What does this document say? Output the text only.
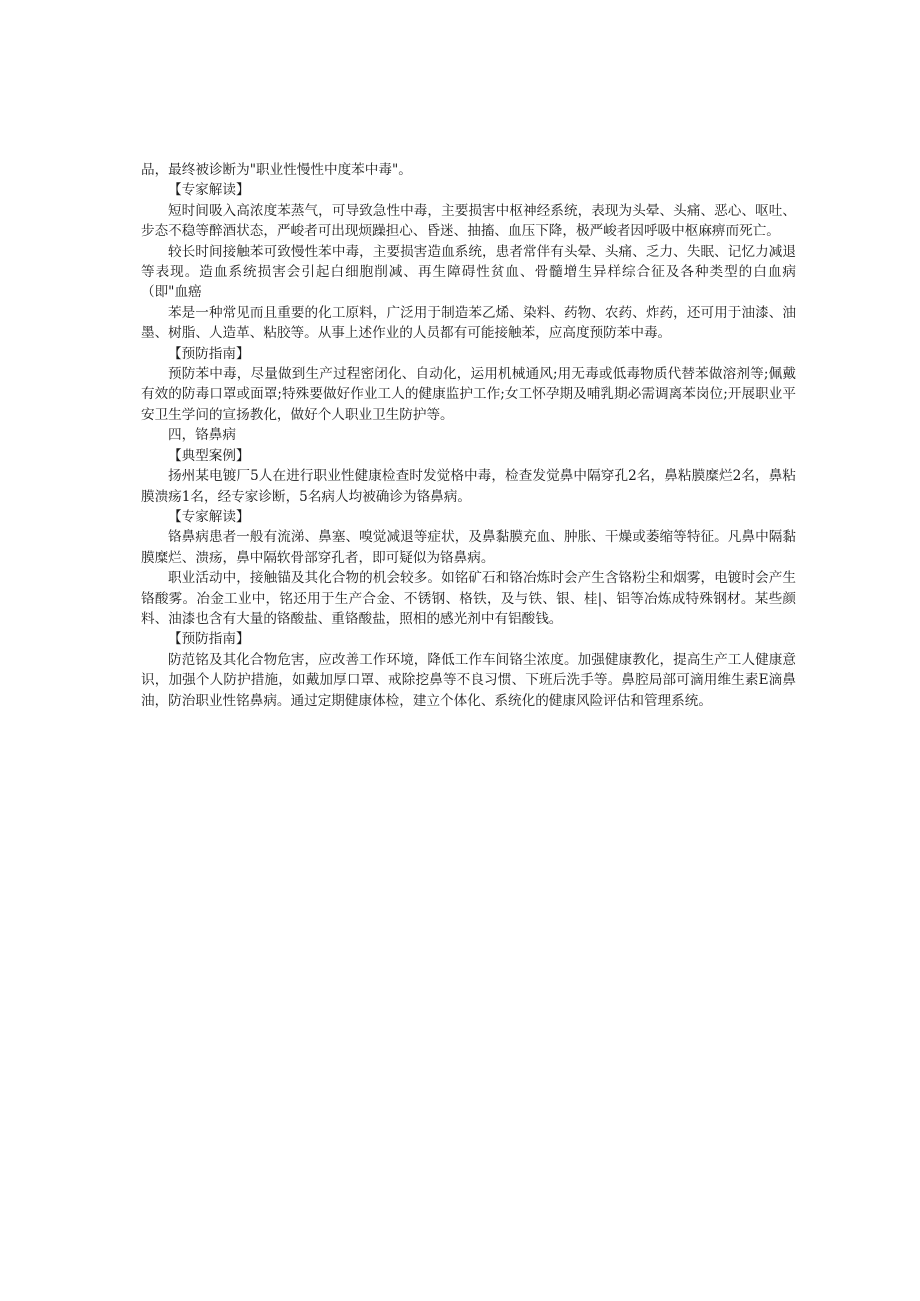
品，最终被诊断为"职业性慢性中度苯中毒"。

【专家解读】

短时间吸入高浓度苯蒸气，可导致急性中毒，主要损害中枢神经系统，表现为头晕、头痛、恶心、呕吐、步态不稳等醉酒状态，严峻者可出现烦躁担心、昏迷、抽搐、血压下降，极严峻者因呼吸中枢麻痹而死亡。

较长时间接触苯可致慢性苯中毒，主要损害造血系统，患者常伴有头晕、头痛、乏力、失眠、记忆力减退等表现。造血系统损害会引起白细胞削减、再生障碍性贫血、骨髓增生异样综合征及各种类型的白血病（即"血癌

苯是一种常见而且重要的化工原料，广泛用于制造苯乙烯、染料、药物、农药、炸药，还可用于油漆、油墨、树脂、人造革、粘胶等。从事上述作业的人员都有可能接触苯，应高度预防苯中毒。

【预防指南】

预防苯中毒，尽量做到生产过程密闭化、自动化，运用机械通风;用无毒或低毒物质代替苯做溶剂等;佩戴有效的防毒口罩或面罩;特殊要做好作业工人的健康监护工作;女工怀孕期及哺乳期必需调离苯岗位;开展职业平安卫生学问的宣扬教化，做好个人职业卫生防护等。

四，铬鼻病

【典型案例】

扬州某电镀厂5人在进行职业性健康检查时发觉格中毒，检查发觉鼻中隔穿孔2名，鼻粘膜糜烂2名，鼻粘膜溃疡1名，经专家诊断，5名病人均被确诊为铬鼻病。

【专家解读】

铬鼻病患者一般有流涕、鼻塞、嗅觉减退等症状，及鼻黏膜充血、肿胀、干燥或萎缩等特征。凡鼻中隔黏膜糜烂、溃疡，鼻中隔软骨部穿孔者，即可疑似为铬鼻病。

职业活动中，接触锚及其化合物的机会较多。如铭矿石和铬冶炼时会产生含铬粉尘和烟雾，电镀时会产生铬酸雾。冶金工业中，铭还用于生产合金、不锈钢、格铁，及与铁、银、桂|、铝等冶炼成特殊钢材。某些颜料、油漆也含有大量的铬酸盐、重铬酸盐，照相的感光剂中有铝酸钱。

【预防指南】

防范铭及其化合物危害，应改善工作环境，降低工作车间铬尘浓度。加强健康教化，提高生产工人健康意识，加强个人防护措施，如戴加厚口罩、戒除挖鼻等不良习惯、下班后洗手等。鼻腔局部可滴用维生素E滴鼻油，防治职业性铭鼻病。通过定期健康体检，建立个体化、系统化的健康风险评估和管理系统。
